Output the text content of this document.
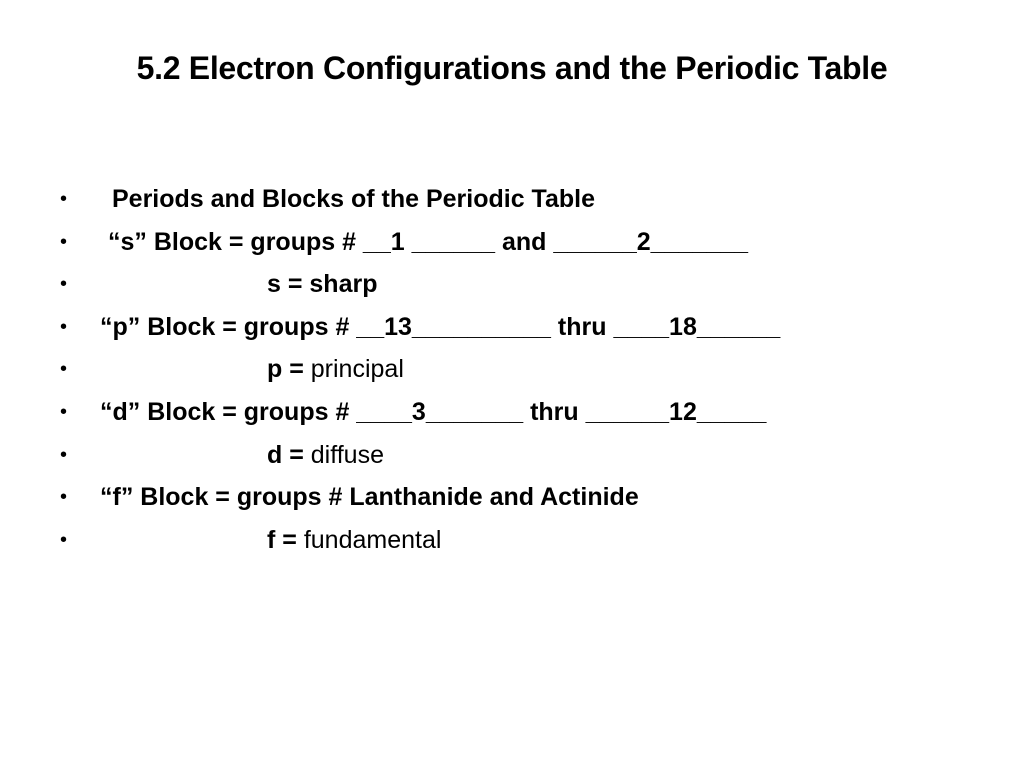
5.2 Electron Configurations and the Periodic Table
• Periods and Blocks of the Periodic Table
• “s” Block = groups # __1 ______ and ______2_______
•	s = sharp
• “p” Block = groups # __13__________ thru ____18______
•	p = principal
• “d” Block = groups # ____3_______ thru ______12_____
•	d = diffuse
• “f” Block = groups # Lanthanide and Actinide
•	f = fundamental
